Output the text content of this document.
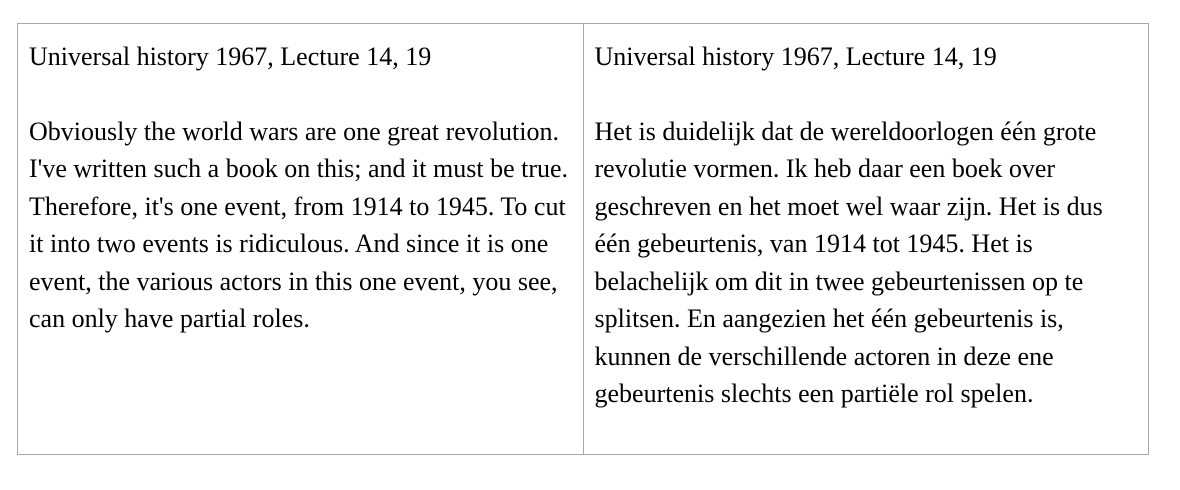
Universal history 1967, Lecture 14, 19

Obviously the world wars are one great revolution. I've written such a book on this; and it must be true. Therefore, it's one event, from 1914 to 1945. To cut it into two events is ridiculous. And since it is one event, the various actors in this one event, you see, can only have partial roles.

Universal history 1967, Lecture 14, 19

Het is duidelijk dat de wereldoorlogen één grote revolutie vormen. Ik heb daar een boek over geschreven en het moet wel waar zijn. Het is dus één gebeurtenis, van 1914 tot 1945. Het is belachelijk om dit in twee gebeurtenissen op te splitsen. En aangezien het één gebeurtenis is, kunnen de verschillende actoren in deze ene gebeurtenis slechts een partiële rol spelen.
